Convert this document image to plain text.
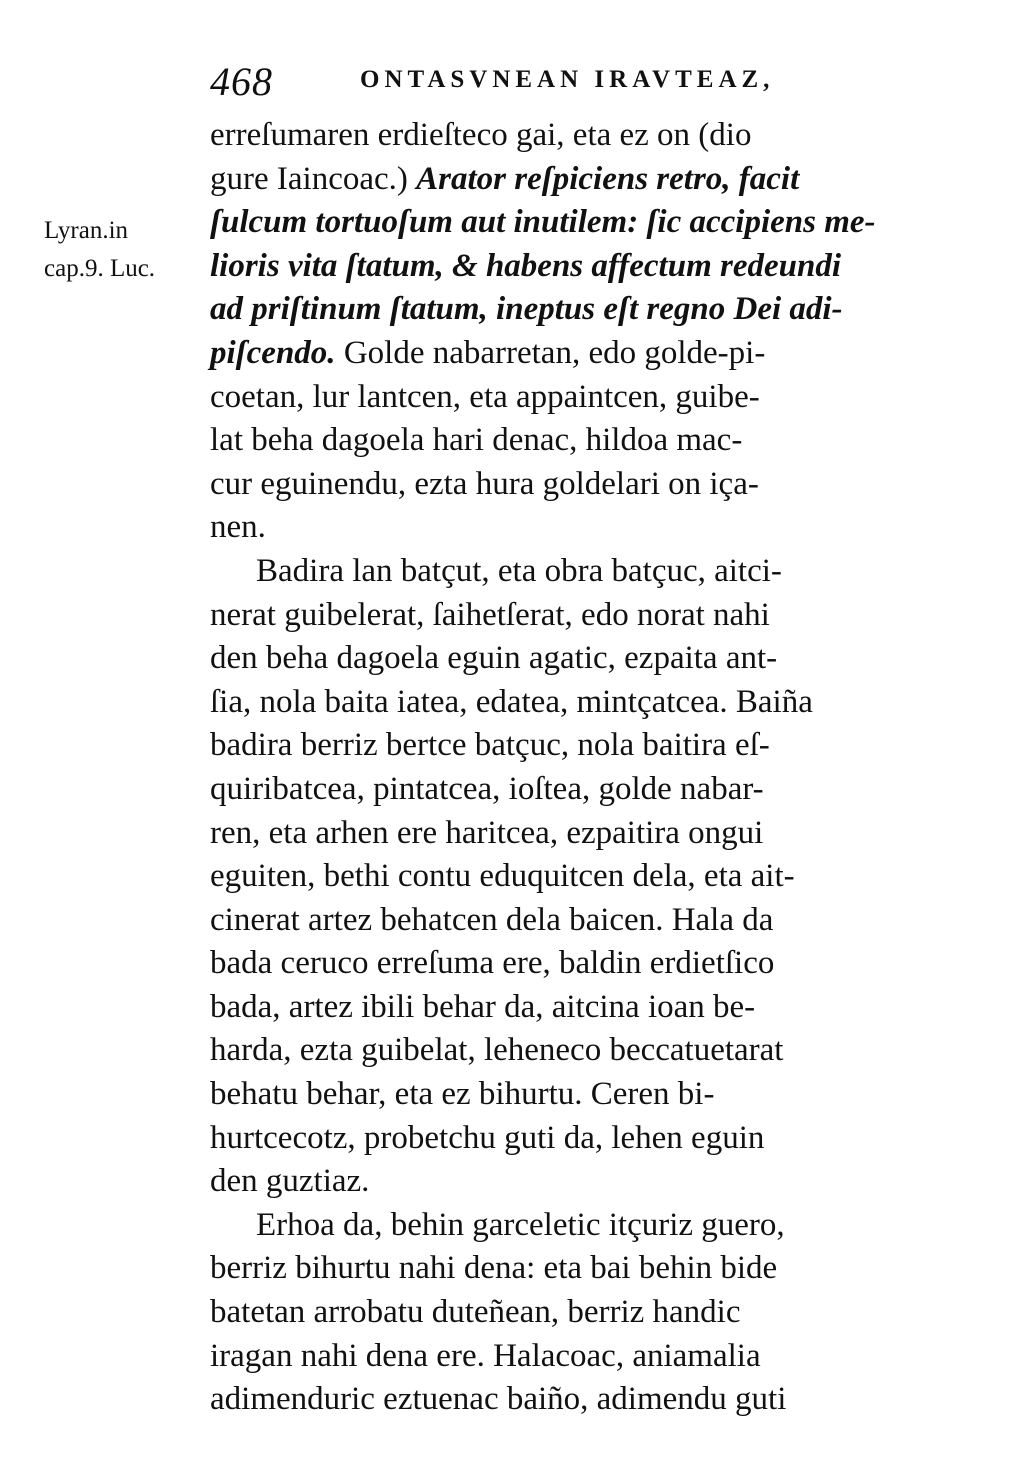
468	ONTASVNEAN IRAVTEAZ,
Lyran.in
cap.9. Luc.
erreſumaren erdieſteco gai, eta ez on (dio
gure Iaincoac.) Arator reſpiciens retro, facit
ſulcum tortuoſum aut inutilem: ſic accipiens me-
lioris vita ſtatum, & habens affectum redeundi
ad priſtinum ſtatum, ineptus eſt regno Dei adi-
piſcendo. Golde nabarretan, edo golde-pi-
coetan, lur lantcen, eta appaintcen, guibe-
lat beha dagoela hari denac, hildoa mac-
cur eguinendu, ezta hura goldelari on iça-
nen.
Badira lan batçut, eta obra batçuc, aitci-
nerat guibelerat, ſaihetſerat, edo norat nahi
den beha dagoela eguin agatic, ezpaita ant-
ſia, nola baita iatea, edatea, mintçatcea. Baiña
badira berriz bertce batçuc, nola baitira eſ-
quiribatcea, pintatcea, ioſtea, golde nabar-
ren, eta arhen ere haritcea, ezpaitira ongui
eguiten, bethi contu eduquitcen dela, eta ait-
cinerat artez behatcen dela baicen. Hala da
bada ceruco erreſuma ere, baldin erdietſico
bada, artez ibili behar da, aitcina ioan be-
harda, ezta guibelat, leheneco beccatuetarat
behatu behar, eta ez bihurtu. Ceren bi-
hurtcecotz, probetchu guti da, lehen eguin
den guztiaz.
Erhoa da, behin garceletic itçuriz guero,
berriz bihurtu nahi dena: eta bai behin bide
batetan arrobatu duteñean, berriz handic
iragan nahi dena ere. Halacoac, aniamalia
adimenduric eztuenac baiño, adimendu guti
